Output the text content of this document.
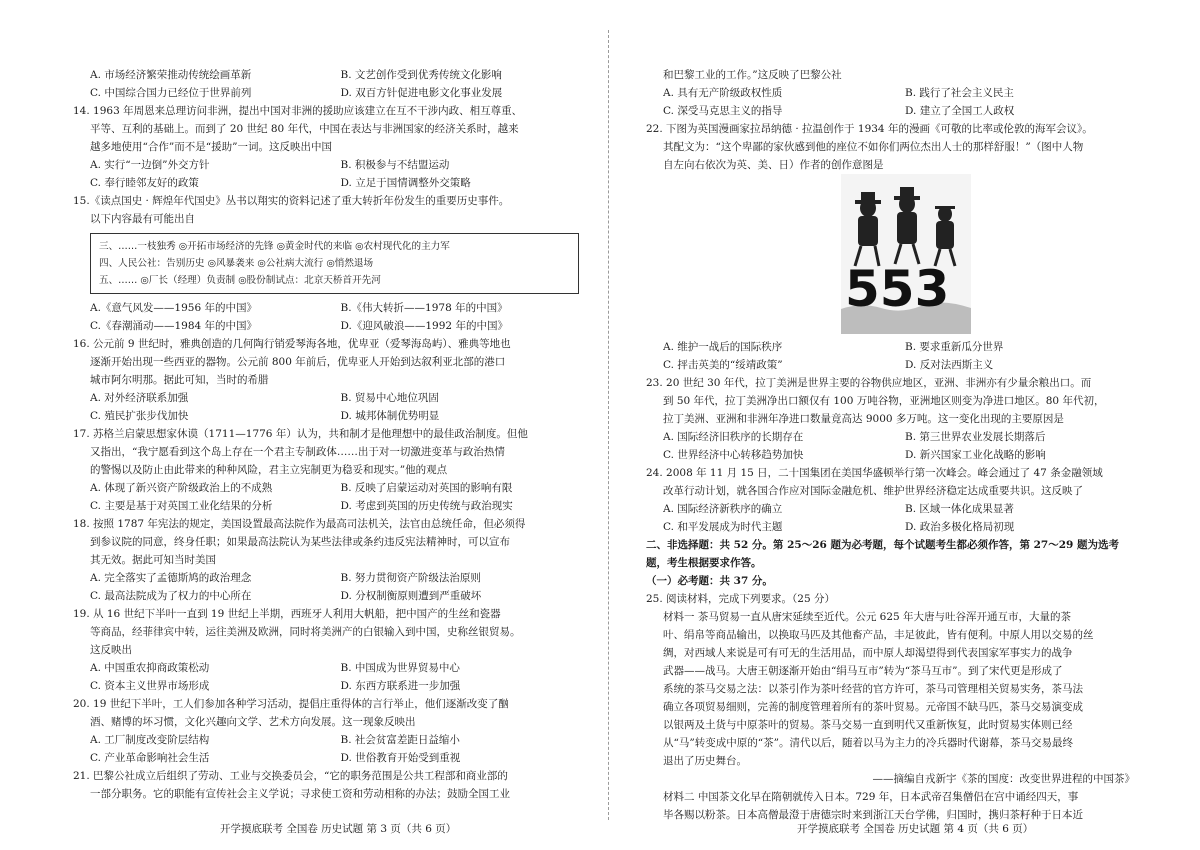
A. 市场经济繁荣推动传统绘画革新	B. 文艺创作受到优秀传统文化影响
C. 中国综合国力已经位于世界前列	D. 双百方针促进电影文化事业发展

14. 1963 年周恩来总理访问非洲，提出中国对非洲的援助应该建立在互不干涉内政、相互尊重、

平等、互利的基础上。而到了 20 世纪 80 年代，中国在表达与非洲国家的经济关系时，越来

越多地使用“合作”而不是“援助”一词。这反映出中国

A. 实行“一边倒”外交方针	B. 积极参与不结盟运动
C. 奉行睦邻友好的政策	D. 立足于国情调整外交策略

15.《读点国史 · 辉煌年代国史》丛书以翔实的资料记述了重大转折年份发生的重要历史事件。

以下内容最有可能出自

三、……一枝独秀 ◎开拓市场经济的先锋 ◎黄金时代的来临 ◎农村现代化的主力军
四、人民公社：告别历史 ◎风暴袭来 ◎公社病大流行 ◎悄然退场
五、…… ◎厂长（经理）负责制 ◎股份制试点：北京天桥首开先河
A.《意气风发——1956 年的中国》	B.《伟大转折——1978 年的中国》
C.《春潮涌动——1984 年的中国》	D.《迎风破浪——1992 年的中国》

16. 公元前 9 世纪时，雅典创造的几何陶行销爱琴海各地，优卑亚（爱琴海岛屿）、雅典等地也

逐渐开始出现一些西亚的器物。公元前 800 年前后，优卑亚人开始到达叙利亚北部的港口

城市阿尔明那。据此可知，当时的希腊

A. 对外经济联系加强	B. 贸易中心地位巩固
C. 殖民扩张步伐加快	D. 城邦体制优势明显

17. 苏格兰启蒙思想家休谟（1711—1776 年）认为，共和制才是他理想中的最佳政治制度。但他

又指出，“我宁愿看到这个岛上存在一个君主专制政体……出于对一切激进变革与政治热情

的警惕以及防止由此带来的种种风险，君主立宪制更为稳妥和现实。”他的观点

A. 体现了新兴资产阶级政治上的不成熟	B. 反映了启蒙运动对英国的影响有限
C. 主要是基于对英国工业化结果的分析	D. 考虑到英国的历史传统与政治现实

18. 按照 1787 年宪法的规定，美国设置最高法院作为最高司法机关，法官由总统任命，但必须得

到参议院的同意，终身任职；如果最高法院认为某些法律或条约违反宪法精神时，可以宣布

其无效。据此可知当时美国

A. 完全落实了孟德斯鸠的政治理念	B. 努力贯彻资产阶级法治原则
C. 最高法院成为了权力的中心所在	D. 分权制衡原则遭到严重破坏

19. 从 16 世纪下半叶一直到 19 世纪上半期，西班牙人利用大帆船，把中国产的生丝和瓷器

等商品，经菲律宾中转，运往美洲及欧洲，同时将美洲产的白银输入到中国，史称丝银贸易。

这反映出

A. 中国重农抑商政策松动	B. 中国成为世界贸易中心
C. 资本主义世界市场形成	D. 东西方联系进一步加强

20. 19 世纪下半叶，工人们参加各种学习活动，提倡庄重得体的言行举止，他们逐渐改变了酗

酒、赌博的坏习惯，文化兴趣向文学、艺术方向发展。这一现象反映出

A. 工厂制度改变阶层结构	B. 社会贫富差距日益缩小
C. 产业革命影响社会生活	D. 世俗教育开始受到重视

21. 巴黎公社成立后组织了劳动、工业与交换委员会，“它的职务范围是公共工程部和商业部的

一部分职务。它的职能有宣传社会主义学说；寻求使工资和劳动相称的办法；鼓励全国工业

开学摸底联考 全国卷 历史试题 第 3 页（共 6 页）

和巴黎工业的工作。”这反映了巴黎公社

A. 具有无产阶级政权性质	B. 践行了社会主义民主
C. 深受马克思主义的指导	D. 建立了全国工人政权

22. 下图为英国漫画家拉昂纳德 · 拉温创作于 1934 年的漫画《可敬的比率或伦敦的海军会议》。

其配文为：“这个卑鄙的家伙感到他的座位不如你们两位杰出人士的那样舒服！”（图中人物

自左向右依次为英、美、日）作者的创作意图是

553
A. 维护一战后的国际秩序	B. 要求重新瓜分世界
C. 抨击英美的“绥靖政策”	D. 反对法西斯主义

23. 20 世纪 30 年代，拉丁美洲是世界主要的谷物供应地区，亚洲、非洲亦有少量余粮出口。而

到 50 年代，拉丁美洲净出口额仅有 100 万吨谷物，亚洲地区则变为净进口地区。80 年代初，

拉丁美洲、亚洲和非洲年净进口数量竟高达 9000 多万吨。这一变化出现的主要原因是

A. 国际经济旧秩序的长期存在	B. 第三世界农业发展长期落后
C. 世界经济中心转移趋势加快	D. 新兴国家工业化战略的影响

24. 2008 年 11 月 15 日，二十国集团在美国华盛顿举行第一次峰会。峰会通过了 47 条金融领域

改革行动计划，就各国合作应对国际金融危机、维护世界经济稳定达成重要共识。这反映了

A. 国际经济新秩序的确立	B. 区域一体化成果显著
C. 和平发展成为时代主题	D. 政治多极化格局初现

二、非选择题：共 52 分。第 25～26 题为必考题，每个试题考生都必须作答，第 27～29 题为选考

题，考生根据要求作答。

（一）必考题：共 37 分。

25. 阅读材料，完成下列要求。（25 分）

材料一 茶马贸易一直从唐宋延续至近代。公元 625 年大唐与吐谷浑开通互市，大量的茶
叶、绢帛等商品输出，以换取马匹及其他畜产品，丰足彼此，皆有便利。中原人用以交易的丝
绸，对西域人来说是可有可无的生活用品，而中原人却渴望得到代表国家军事实力的战争
武器——战马。大唐王朝逐渐开始由“绢马互市”转为“茶马互市”。到了宋代更是形成了
系统的茶马交易之法：以茶引作为茶叶经营的官方许可，茶马司管理相关贸易实务，茶马法
确立各项贸易细则，完善的制度管理着所有的茶叶贸易。元帝国不缺马匹，茶马交易演变成
以银两及土货与中原茶叶的贸易。茶马交易一直到明代又重新恢复，此时贸易实体则已经
从“马”转变成中原的“茶”。清代以后，随着以马为主力的冷兵器时代谢幕，茶马交易最终
退出了历史舞台。
——摘编自戎新宇《茶的国度：改变世界进程的中国茶》
材料二 中国茶文化早在隋朝就传入日本。729 年，日本武帝召集僧侣在宫中诵经四天，事
毕各赐以粉茶。日本高僧最澄于唐德宗时来到浙江天台学佛，归国时，携归茶籽种于日本近
开学摸底联考 全国卷 历史试题 第 4 页（共 6 页）
